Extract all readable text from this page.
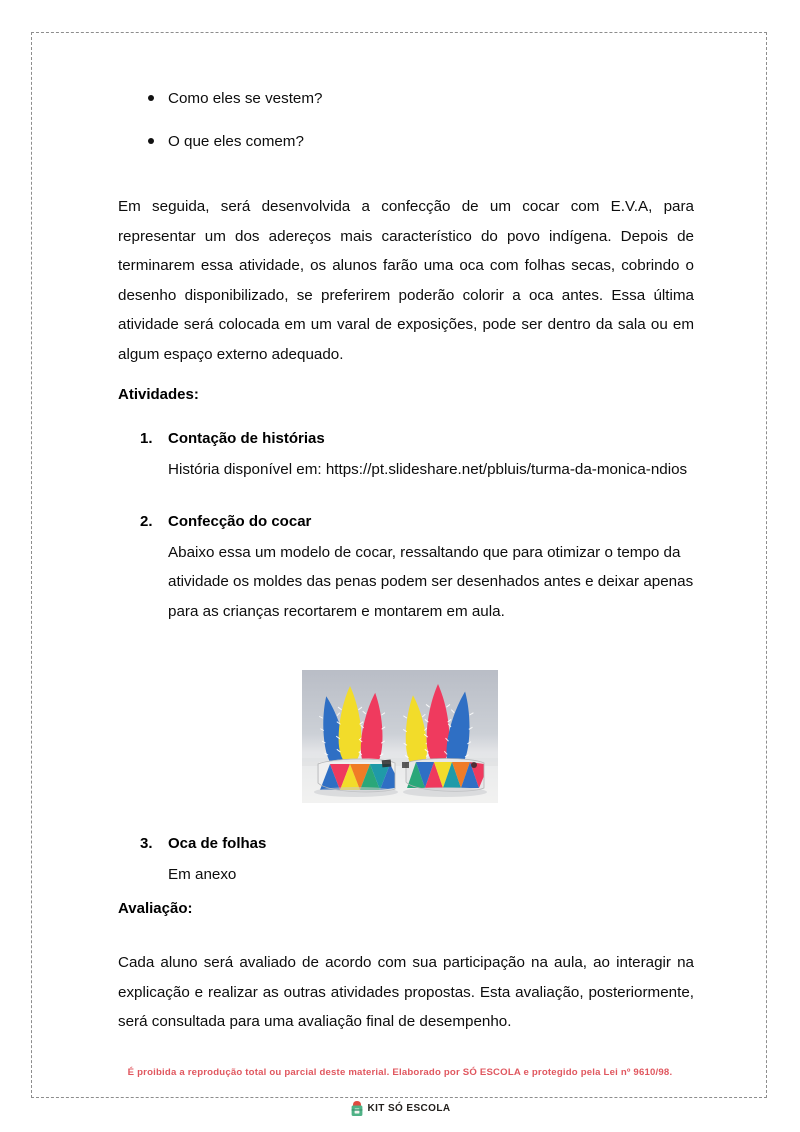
Como eles se vestem?
O que eles comem?

Em seguida, será desenvolvida a confecção de um cocar com E.V.A, para representar um dos adereços mais característico do povo indígena. Depois de terminarem essa atividade, os alunos farão uma oca com folhas secas, cobrindo o desenho disponibilizado, se preferirem poderão colorir a oca antes. Essa última atividade será colocada em um varal de exposições, pode ser dentro da sala ou em algum espaço externo adequado.

Atividades:
1. Contação de histórias
História disponível em: https://pt.slideshare.net/pbluis/turma-da-monica-ndios
2. Confecção do cocar
Abaixo essa um modelo de cocar, ressaltando que para otimizar o tempo da atividade os moldes das penas podem ser desenhados antes e deixar apenas para as crianças recortarem e montarem em aula.
3. Oca de folhas
Em anexo
Avaliação:

Cada aluno será avaliado de acordo com sua participação na aula, ao interagir na explicação e realizar as outras atividades propostas. Esta avaliação, posteriormente, será consultada para uma avaliação final de desempenho.

É proibida a reprodução total ou parcial deste material. Elaborado por SÓ ESCOLA e protegido pela Lei nº 9610/98.
KIT SÓ ESCOLA
